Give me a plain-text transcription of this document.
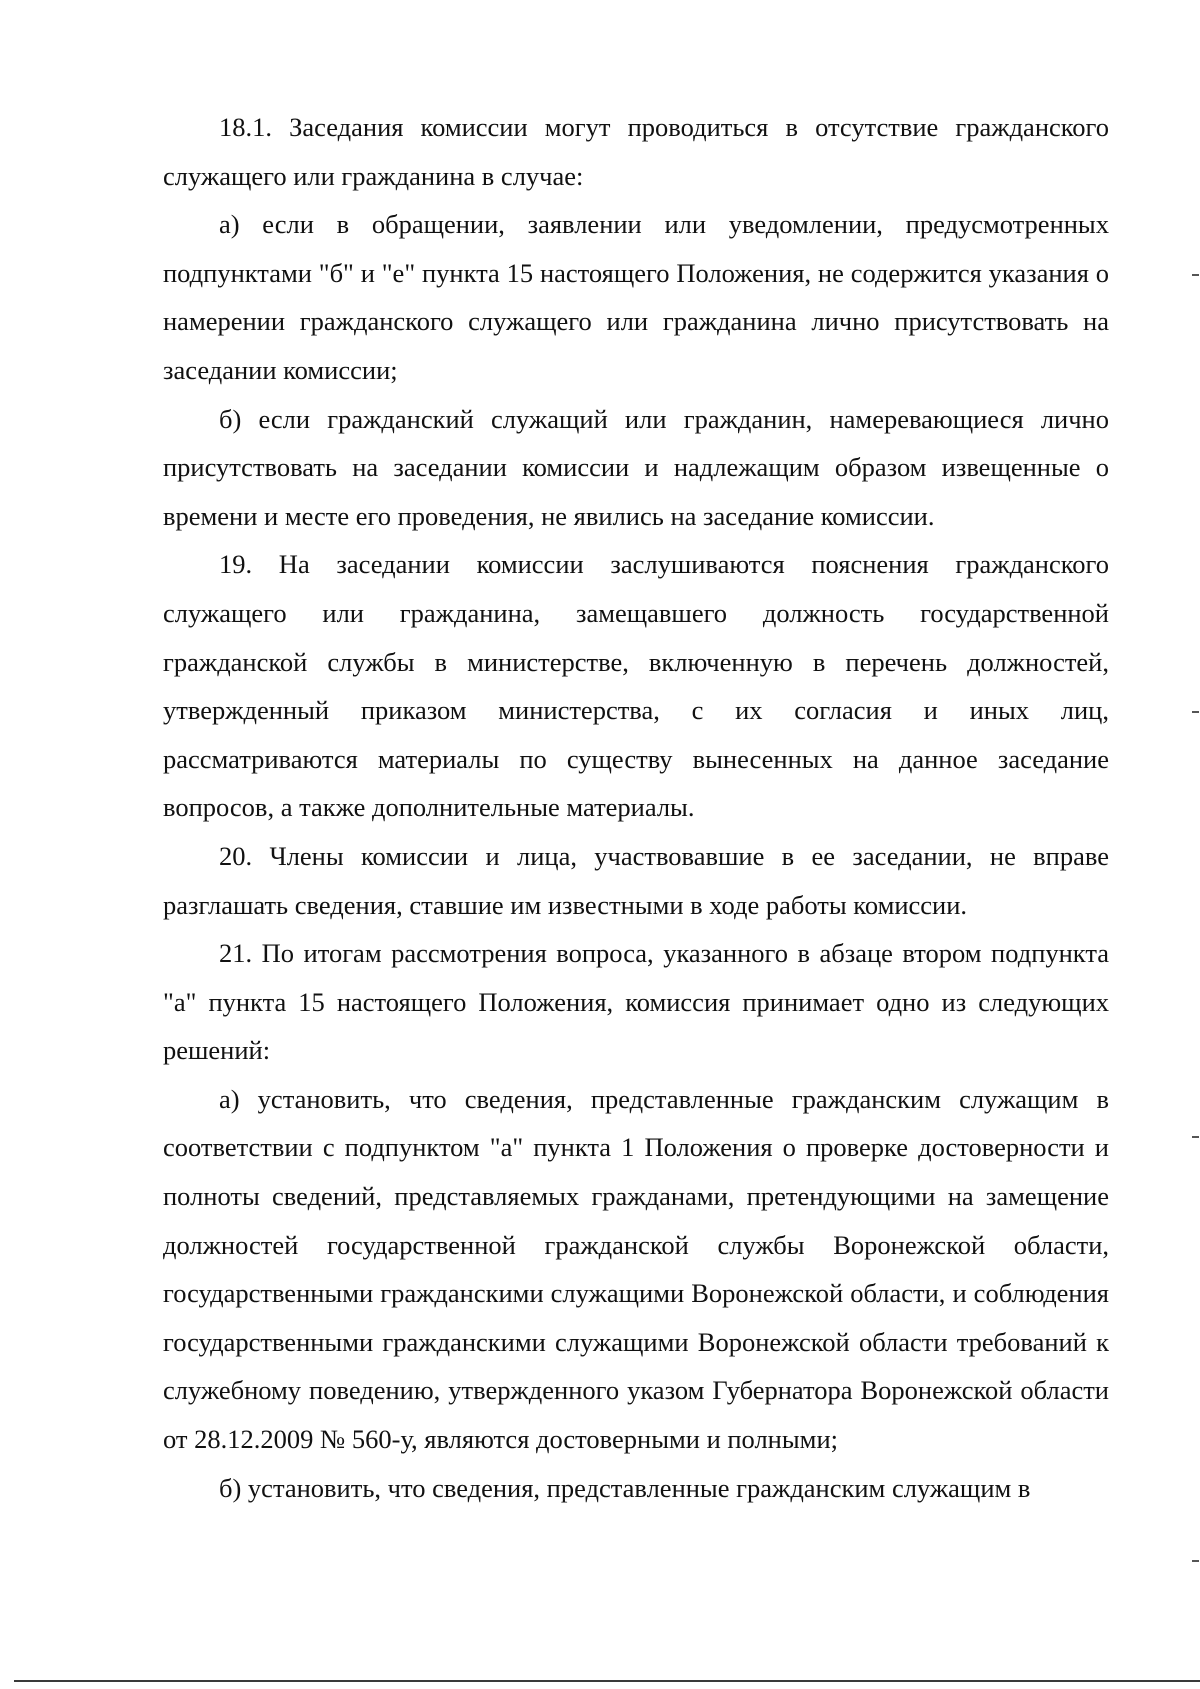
18.1. Заседания комиссии могут проводиться в отсутствие гражданского служащего или гражданина в случае:

а) если в обращении, заявлении или уведомлении, предусмотренных подпунктами "б" и "е" пункта 15 настоящего Положения, не содержится указания о намерении гражданского служащего или гражданина лично присутствовать на заседании комиссии;

б) если гражданский служащий или гражданин, намеревающиеся лично присутствовать на заседании комиссии и надлежащим образом извещенные о времени и месте его проведения, не явились на заседание комиссии.

19. На заседании комиссии заслушиваются пояснения гражданского служащего или гражданина, замещавшего должность государственной гражданской службы в министерстве, включенную в перечень должностей, утвержденный приказом министерства, с их согласия и иных лиц, рассматриваются материалы по существу вынесенных на данное заседание вопросов, а также дополнительные материалы.

20. Члены комиссии и лица, участвовавшие в ее заседании, не вправе разглашать сведения, ставшие им известными в ходе работы комиссии.

21. По итогам рассмотрения вопроса, указанного в абзаце втором подпункта "а" пункта 15 настоящего Положения, комиссия принимает одно из следующих решений:

а) установить, что сведения, представленные гражданским служащим в соответствии с подпунктом "а" пункта 1 Положения о проверке достоверности и полноты сведений, представляемых гражданами, претендующими на замещение должностей государственной гражданской службы Воронежской области, государственными гражданскими служащими Воронежской области, и соблюдения государственными гражданскими служащими Воронежской области требований к служебному поведению, утвержденного указом Губернатора Воронежской области от 28.12.2009 № 560-у, являются достоверными и полными;

б) установить, что сведения, представленные гражданским служащим в
